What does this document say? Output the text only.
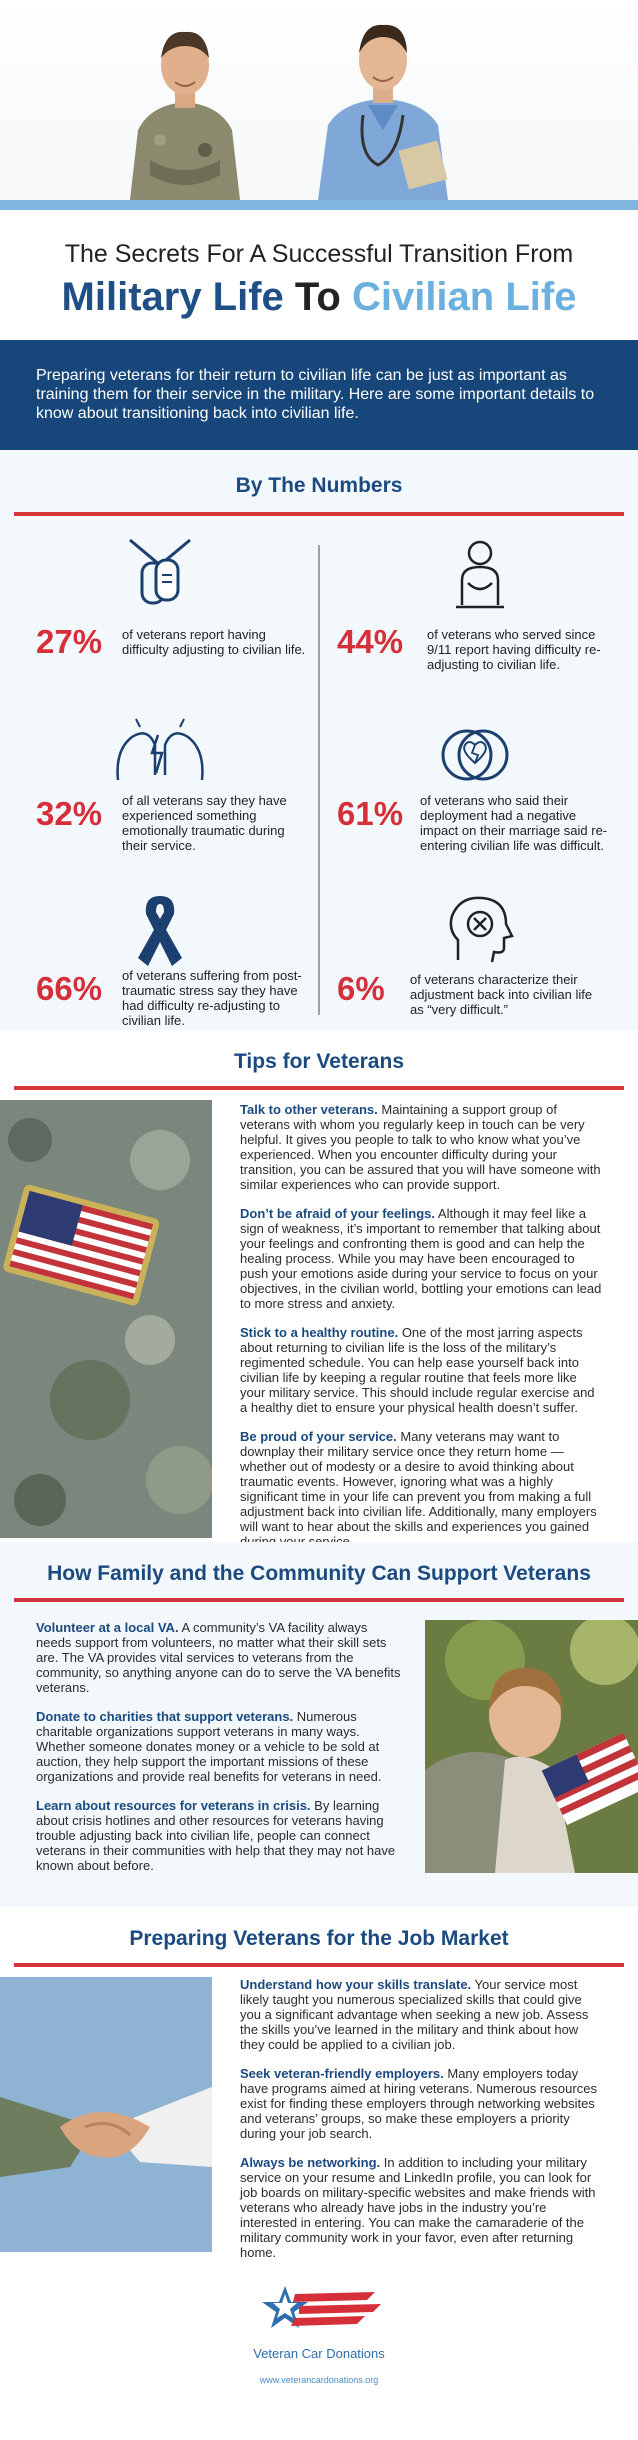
The Secrets For A Successful Transition From
Military Life To Civilian Life
Preparing veterans for their return to civilian life can be just as important as training them for their service in the military. Here are some important details to know about transitioning back into civilian life.
By The Numbers
27% of veterans report having difficulty adjusting to civilian life. 44% of veterans who served since 9/11 report having difficulty re-adjusting to civilian life.
32% of all veterans say they have experienced something emotionally traumatic during their service.
61% of veterans who said their deployment had a negative impact on their marriage said re-entering civilian life was difficult.
66% of veterans suffering from post-traumatic stress say they have had difficulty re-adjusting to civilian life.
6% of veterans characterize their adjustment back into civilian life as “very difficult.”
Tips for Veterans
Talk to other veterans. Maintaining a support group of veterans with whom you regularly keep in touch can be very helpful. It gives you people to talk to who know what you’ve experienced. When you encounter difficulty during your transition, you can be assured that you will have someone with similar experiences who can provide support.
Don’t be afraid of your feelings. Although it may feel like a sign of weakness, it’s important to remember that talking about your feelings and confronting them is good and can help the healing process. While you may have been encouraged to push your emotions aside during your service to focus on your objectives, in the civilian world, bottling your emotions can lead to more stress and anxiety.
Stick to a healthy routine. One of the most jarring aspects about returning to civilian life is the loss of the military’s regimented schedule. You can help ease yourself back into civilian life by keeping a regular routine that feels more like your military service. This should include regular exercise and a healthy diet to ensure your physical health doesn’t suffer.
Be proud of your service. Many veterans may want to downplay their military service once they return home — whether out of modesty or a desire to avoid thinking about traumatic events. However, ignoring what was a highly significant time in your life can prevent you from making a full adjustment back into civilian life. Additionally, many employers will want to hear about the skills and experiences you gained
How Family and the Community Can Support Veterans
Volunteer at a local VA. A community’s VA facility always needs support from volunteers, no matter what their skill sets are. The VA provides vital services to veterans from the community, so anything anyone can do to serve the VA benefits veterans.
Donate to charities that support veterans. Numerous charitable organizations support veterans in many ways. Whether someone donates money or a vehicle to be sold at auction, they help support the important missions of these organizations and provide real benefits for veterans in need.
Learn about resources for veterans in crisis. By learning about crisis hotlines and other resources for veterans having trouble adjusting back into civilian life, people can connect veterans in their communities with help that they may not have known about before.
Preparing Veterans for the Job Market
Understand how your skills translate. Your service most likely taught you numerous specialized skills that could give you a significant advantage when seeking a new job. Assess the skills you’ve learned in the military and think about how they could be applied to a civilian job.
Seek veteran-friendly employers. Many employers today have programs aimed at hiring veterans. Numerous resources exist for finding these employers through networking websites and veterans’ groups, so make these employers a priority during your job search.
Always be networking. In addition to including your military service on your resume and LinkedIn profile, you can look for job boards on military-specific websites and make friends with veterans who already have jobs in the industry you’re interested in entering. You can make the camaraderie of the military community work in your favor, even after returning home.
Veteran Car Donations
www.veterancardonations.org
